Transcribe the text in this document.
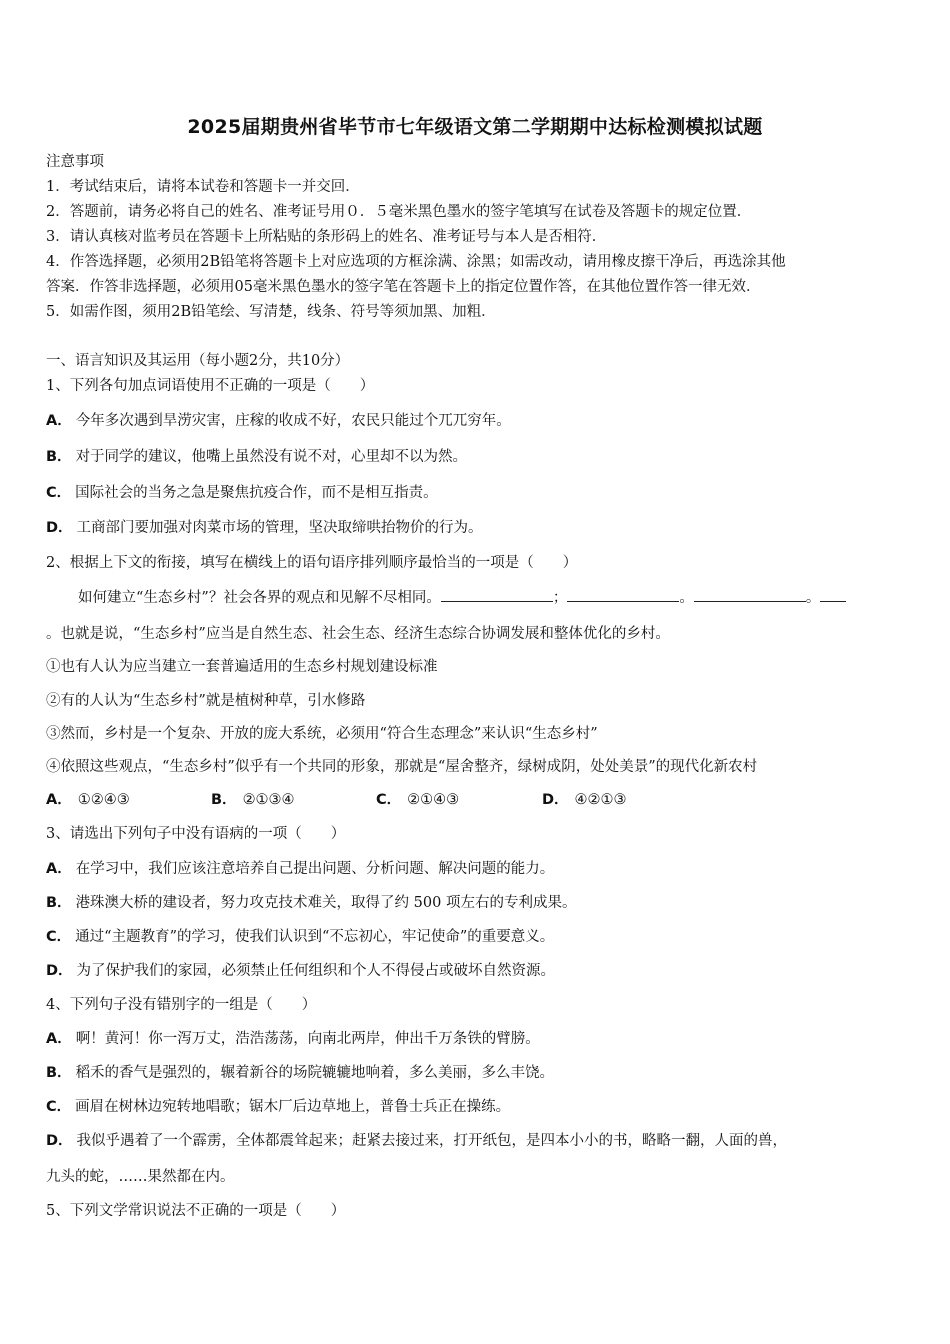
2025届期贵州省毕节市七年级语文第二学期期中达标检测模拟试题
注意事项
1．考试结束后，请将本试卷和答题卡一并交回．
2．答题前，请务必将自己的姓名、准考证号用０．５毫米黑色墨水的签字笔填写在试卷及答题卡的规定位置．
3．请认真核对监考员在答题卡上所粘贴的条形码上的姓名、准考证号与本人是否相符．
4．作答选择题，必须用2B铅笔将答题卡上对应选项的方框涂满、涂黑；如需改动，请用橡皮擦干净后，再选涂其他
答案．作答非选择题，必须用05毫米黑色墨水的签字笔在答题卡上的指定位置作答，在其他位置作答一律无效．
5．如需作图，须用2B铅笔绘、写清楚，线条、符号等须加黑、加粗．
一、语言知识及其运用（每小题2分，共10分）
1、下列各句加点词语使用不正确的一项是（　　）
A． 今年多次遇到旱涝灾害，庄稼的收成不好，农民只能过个兀兀穷年。
B． 对于同学的建议，他嘴上虽然没有说不对，心里却不以为然。
C． 国际社会的当务之急是聚焦抗疫合作，而不是相互指责。
D． 工商部门要加强对肉菜市场的管理，坚决取缔哄抬物价的行为。
2、根据上下文的衔接，填写在横线上的语句语序排列顺序最恰当的一项是（　　）
如何建立“生态乡村”？社会各界的观点和见解不尽相同。	；	。	。
。也就是说，“生态乡村”应当是自然生态、社会生态、经济生态综合协调发展和整体优化的乡村。
①也有人认为应当建立一套普遍适用的生态乡村规划建设标准
②有的人认为“生态乡村”就是植树种草，引水修路
③然而，乡村是一个复杂、开放的庞大系统，必须用“符合生态理念”来认识“生态乡村”
④依照这些观点，“生态乡村”似乎有一个共同的形象，那就是“屋舍整齐，绿树成阴，处处美景”的现代化新农村
A． ①②④③	B． ②①③④	C． ②①④③	D． ④②①③
3、请选出下列句子中没有语病的一项（　　）
A． 在学习中，我们应该注意培养自己提出问题、分析问题、解决问题的能力。
B． 港珠澳大桥的建设者，努力攻克技术难关，取得了约 500 项左右的专利成果。
C． 通过“主题教育”的学习，使我们认识到“不忘初心，牢记使命”的重要意义。
D． 为了保护我们的家园，必须禁止任何组织和个人不得侵占或破坏自然资源。
4、下列句子没有错别字的一组是（　　）
A． 啊！黄河！你一泻万丈，浩浩荡荡，向南北两岸，伸出千万条铁的臂膀。
B． 稻禾的香气是强烈的，辗着新谷的场院辘辘地响着，多么美丽，多么丰饶。
C． 画眉在树林边宛转地唱歌；锯木厂后边草地上，普鲁士兵正在操练。
D． 我似乎遇着了一个霹雳，全体都震耸起来；赶紧去接过来，打开纸包，是四本小小的书，略略一翻，人面的兽，
九头的蛇，……果然都在内。
5、下列文学常识说法不正确的一项是（　　）
